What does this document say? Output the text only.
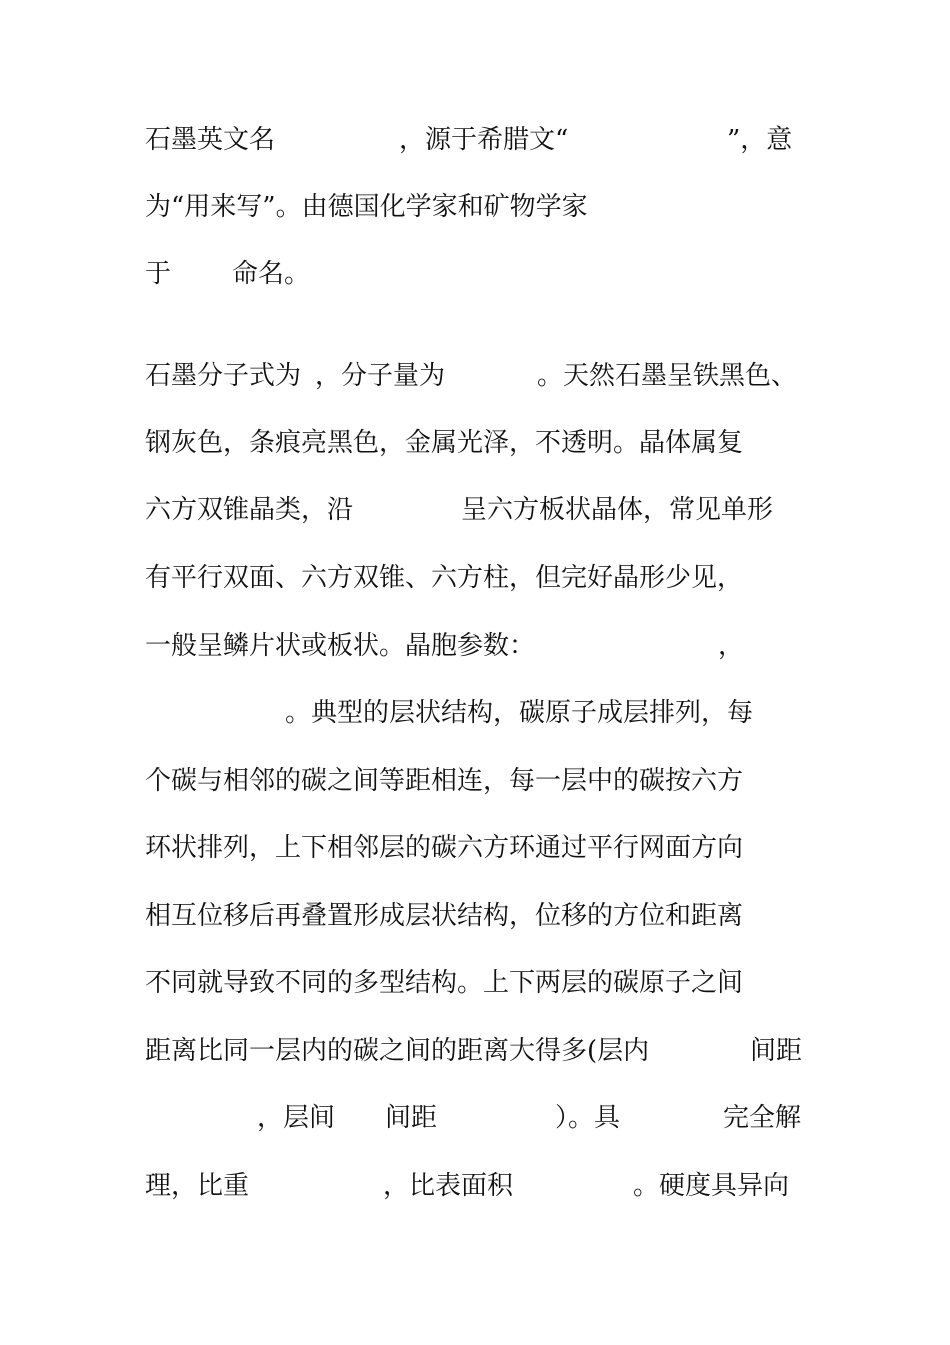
石墨英文名	，源于希腊文“	”，意
为“用来写”。由德国化学家和矿物学家
于 命名。
石墨分子式为 ，分子量为	。天然石墨呈铁黑色、
钢灰色，条痕亮黑色，金属光泽，不透明。晶体属复
六方双锥晶类，沿	呈六方板状晶体，常见单形
有平行双面、六方双锥、六方柱，但完好晶形少见，
一般呈鳞片状或板状。晶胞参数：	，
。典型的层状结构，碳原子成层排列，每
个碳与相邻的碳之间等距相连，每一层中的碳按六方
环状排列，上下相邻层的碳六方环通过平行网面方向
相互位移后再叠置形成层状结构，位移的方位和距离
不同就导致不同的多型结构。上下两层的碳原子之间
距离比同一层内的碳之间的距离大得多(层内	间距
，层间 间距	）。具	完全解
理，比重	，比表面积	。硬度具异向
